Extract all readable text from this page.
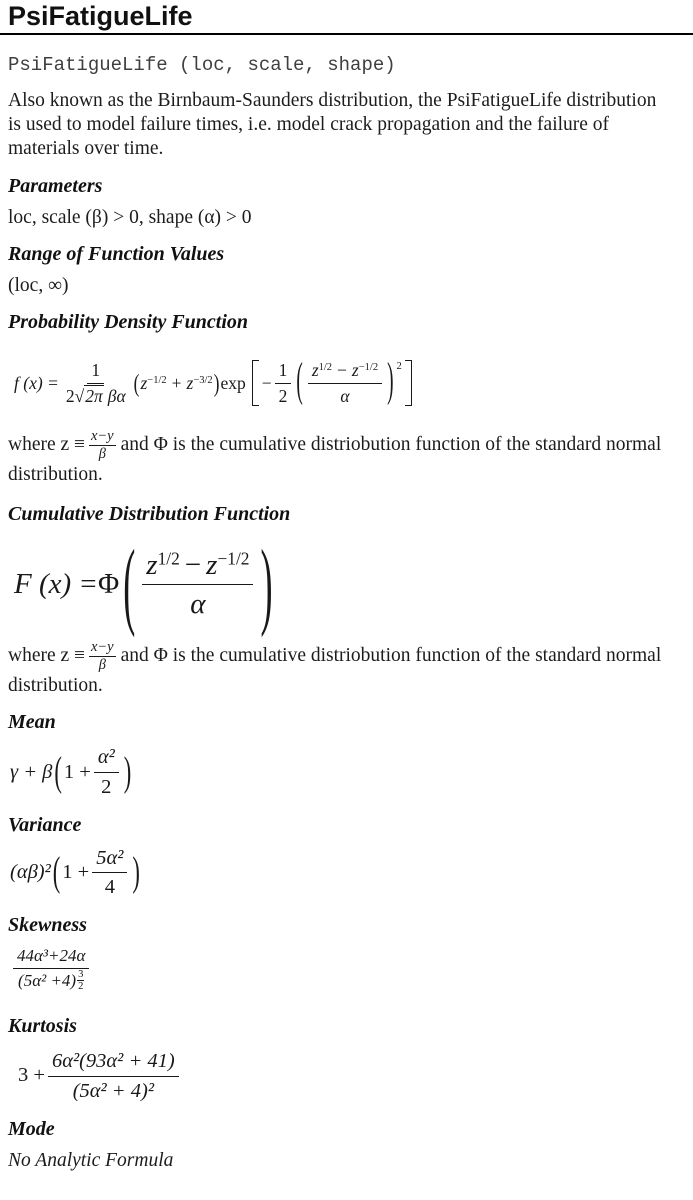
PsiFatigueLife
PsiFatigueLife (loc, scale, shape)

Also known as the Birnbaum-Saunders distribution, the PsiFatigueLife distribution is used to model failure times, i.e. model crack propagation and the failure of materials over time.

Parameters
loc, scale (β) > 0, shape (α) > 0
Range of Function Values
(loc, ∞)
Probability Density Function
f $(x) = \frac{1}{\text{2√2π βα}}$ ( $z^{-1/2} + z^{-3/2}$ ) $\exp - \frac{1}{2}$ ( $\frac{z^{1/2} - z^{-1/2}}{\alpha}$ ) 2

where $z \equiv \frac{x-y}{\beta}$ and Φ is the cumulative distriobution function of the standard normal distribution.

Cumulative Distribution Function
F (x) = Φ ( $\frac{z^{1/2} - z^{-1/2}}{\alpha}$ )

where $z \equiv \frac{x-y}{\beta}$ and Φ is the cumulative distriobution function of the standard normal distribution.

Mean
γ + β ( $1 + \frac{\text{α²}}{2}$ )
Variance
(αβ)² ( $1 + \frac{\text{5α²}}{4}$ )
Skewness
$\frac{\text{44α³+24α}}{(5\alpha^2 +4) \frac{3}{2}}$
Kurtosis
$3 + \frac{\text{6α²(93α² + 41)}}{\text{(5α² + 4)²}}$
Mode
No Analytic Formula
